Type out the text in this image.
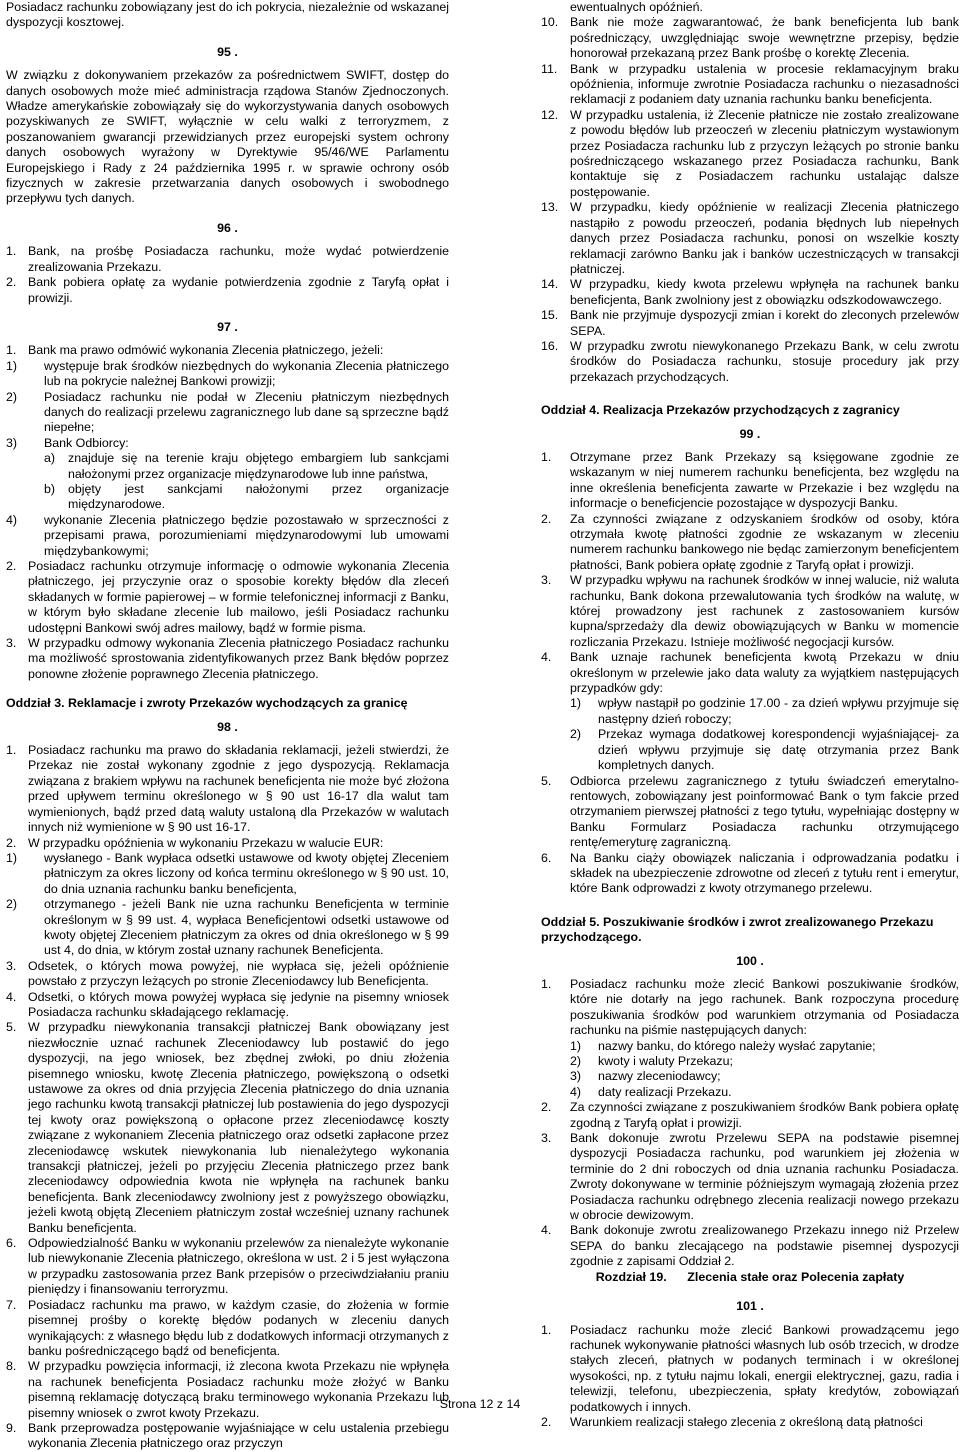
Posiadacz rachunku zobowiązany jest do ich pokrycia, niezależnie od wskazanej dyspozycji kosztowej.

95 .

W związku z dokonywaniem przekazów za pośrednictwem SWIFT, dostęp do danych osobowych może mieć administracja rządowa Stanów Zjednoczonych. Władze amerykańskie zobowiązały się do wykorzystywania danych osobowych pozyskiwanych ze SWIFT, wyłącznie w celu walki z terroryzmem, z poszanowaniem gwarancji przewidzianych przez europejski system ochrony danych osobowych wyrażony w Dyrektywie 95/46/WE Parlamentu Europejskiego i Rady z 24 października 1995 r. w sprawie ochrony osób fizycznych w zakresie przetwarzania danych osobowych i swobodnego przepływu tych danych.

96 .

1. Bank, na prośbę Posiadacza rachunku, może wydać potwierdzenie zrealizowania Przekazu.
2. Bank pobiera opłatę za wydanie potwierdzenia zgodnie z Taryfą opłat i prowizji.

97 .

1. Bank ma prawo odmówić wykonania Zlecenia płatniczego, jeżeli:
1)	występuje brak środków niezbędnych do wykonania Zlecenia płatniczego lub na pokrycie należnej Bankowi prowizji;
2)	Posiadacz rachunku nie podał w Zleceniu płatniczym niezbędnych danych do realizacji przelewu zagranicznego lub dane są sprzeczne bądź niepełne;
3)	Bank Odbiorcy:
a)	znajduje się na terenie kraju objętego embargiem lub sankcjami nałożonymi przez organizacje międzynarodowe lub inne państwa,
b)	objęty jest sankcjami nałożonymi przez organizacje międzynarodowe.
4)	wykonanie Zlecenia płatniczego będzie pozostawało w sprzeczności z przepisami prawa, porozumieniami międzynarodowymi lub umowami międzybankowymi;
2. Posiadacz rachunku otrzymuje informację o odmowie wykonania Zlecenia płatniczego, jej przyczynie oraz o sposobie korekty błędów dla zleceń składanych w formie papierowej – w formie telefonicznej informacji z Banku, w którym było składane zlecenie lub mailowo, jeśli Posiadacz rachunku udostępni Bankowi swój adres mailowy, bądź w formie pisma.
3. W przypadku odmowy wykonania Zlecenia płatniczego Posiadacz rachunku ma możliwość sprostowania zidentyfikowanych przez Bank błędów poprzez ponowne złożenie poprawnego Zlecenia płatniczego.

Oddział 3. Reklamacje i zwroty Przekazów wychodzących za granicę

98 .

1. Posiadacz rachunku ma prawo do składania reklamacji, jeżeli stwierdzi, że Przekaz nie został wykonany zgodnie z jego dyspozycją. Reklamacja związana z brakiem wpływu na rachunek beneficjenta nie może być złożona przed upływem terminu określonego w § 90 ust 16-17 dla walut tam wymienionych, bądź przed datą waluty ustaloną dla Przekazów w walutach innych niż wymienione w § 90 ust 16-17.
2. W przypadku opóźnienia w wykonaniu Przekazu w walucie EUR:
1)	wysłanego - Bank wypłaca odsetki ustawowe od kwoty objętej Zleceniem płatniczym za okres liczony od końca terminu określonego w § 90 ust. 10, do dnia uznania rachunku banku beneficjenta,
2)	otrzymanego - jeżeli Bank nie uzna rachunku Beneficjenta w terminie określonym w § 99 ust. 4, wypłaca Beneficjentowi odsetki ustawowe od kwoty objętej Zleceniem płatniczym za okres od dnia określonego w § 99 ust 4, do dnia, w którym został uznany rachunek Beneficjenta.
3. Odsetek, o których mowa powyżej, nie wypłaca się, jeżeli opóźnienie powstało z przyczyn leżących po stronie Zleceniodawcy lub Beneficjenta.
4. Odsetki, o których mowa powyżej wypłaca się jedynie na pisemny wniosek Posiadacza rachunku składającego reklamację.
5. W przypadku niewykonania transakcji płatniczej Bank obowiązany jest niezwłocznie uznać rachunek Zleceniodawcy lub postawić do jego dyspozycji, na jego wniosek, bez zbędnej zwłoki, po dniu złożenia pisemnego wniosku, kwotę Zlecenia płatniczego, powiększoną o odsetki ustawowe za okres od dnia przyjęcia Zlecenia płatniczego do dnia uznania jego rachunku kwotą transakcji płatniczej lub postawienia do jego dyspozycji tej kwoty oraz powiększoną o opłacone przez zleceniodawcę koszty związane z wykonaniem Zlecenia płatniczego oraz odsetki zapłacone przez zleceniodawcę wskutek niewykonania lub nienależytego wykonania transakcji płatniczej, jeżeli po przyjęciu Zlecenia płatniczego przez bank zleceniodawcy odpowiednia kwota nie wpłynęła na rachunek banku beneficjenta. Bank zleceniodawcy zwolniony jest z powyższego obowiązku, jeżeli kwotą objętą Zleceniem płatniczym został wcześniej uznany rachunek Banku beneficjenta.
6. Odpowiedzialność Banku w wykonaniu przelewów za nienależyte wykonanie lub niewykonanie Zlecenia płatniczego, określona w ust. 2 i 5 jest wyłączona w przypadku zastosowania przez Bank przepisów o przeciwdziałaniu praniu pieniędzy i finansowaniu terroryzmu.
7. Posiadacz rachunku ma prawo, w każdym czasie, do złożenia w formie pisemnej prośby o korektę błędów podanych w zleceniu danych wynikających: z własnego błędu lub z dodatkowych informacji otrzymanych z banku pośredniczącego bądź od beneficjenta.
8. W przypadku powzięcia informacji, iż zlecona kwota Przekazu nie wpłynęła na rachunek beneficjenta Posiadacz rachunku może złożyć w Banku pisemną reklamację dotyczącą braku terminowego wykonania Przekazu lub pisemny wniosek o zwrot kwoty Przekazu.
9. Bank przeprowadza postępowanie wyjaśniające w celu ustalenia przebiegu wykonania Zlecenia płatniczego oraz przyczyn

ewentualnych opóźnień.

10. Bank nie może zagwarantować, że bank beneficjenta lub bank pośredniczący, uwzględniając swoje wewnętrzne przepisy, będzie honorował przekazaną przez Bank prośbę o korektę Zlecenia.
11.	Bank w przypadku ustalenia w procesie reklamacyjnym braku opóźnienia, informuje zwrotnie Posiadacza rachunku o niezasadności reklamacji z podaniem daty uznania rachunku banku beneficjenta.
12. W przypadku ustalenia, iż Zlecenie płatnicze nie zostało zrealizowane z powodu błędów lub przeoczeń w zleceniu płatniczym wystawionym przez Posiadacza rachunku lub z przyczyn leżących po stronie banku pośredniczącego wskazanego przez Posiadacza rachunku, Bank kontaktuje się z Posiadaczem rachunku ustalając dalsze postępowanie.
13. W przypadku, kiedy opóźnienie w realizacji Zlecenia płatniczego nastąpiło z powodu przeoczeń, podania błędnych lub niepełnych danych przez Posiadacza rachunku, ponosi on wszelkie koszty reklamacji zarówno Banku jak i banków uczestniczących w transakcji płatniczej.
14. W przypadku, kiedy kwota przelewu wpłynęła na rachunek banku beneficjenta, Bank zwolniony jest z obowiązku odszkodowawczego.
15. Bank nie przyjmuje dyspozycji zmian i korekt do zleconych przelewów SEPA.
16. W przypadku zwrotu niewykonanego Przekazu Bank, w celu zwrotu środków do Posiadacza rachunku, stosuje procedury jak przy przekazach przychodzących.

Oddział 4. Realizacja Przekazów przychodzących z zagranicy

99 .

1.	Otrzymane przez Bank Przekazy są księgowane zgodnie ze wskazanym w niej numerem rachunku beneficjenta, bez względu na inne określenia beneficjenta zawarte w Przekazie i bez względu na informacje o beneficjencie pozostające w dyspozycji Banku.
2.	Za czynności związane z odzyskaniem środków od osoby, która otrzymała kwotę płatności zgodnie ze wskazanym w zleceniu numerem rachunku bankowego nie będąc zamierzonym beneficjentem płatności, Bank pobiera opłatę zgodnie z Taryfą opłat i prowizji.
3.	W przypadku wpływu na rachunek środków w innej walucie, niż waluta rachunku, Bank dokona przewalutowania tych środków na walutę, w której prowadzony jest rachunek z zastosowaniem kursów kupna/sprzedaży dla dewiz obowiązujących w Banku w momencie rozliczania Przekazu. Istnieje możliwość negocjacji kursów.
4.	Bank uznaje rachunek beneficjenta kwotą Przekazu w dniu określonym w przelewie jako data waluty za wyjątkiem następujących przypadków gdy:
1)	wpływ nastąpił po godzinie 17.00 - za dzień wpływu przyjmuje się następny dzień roboczy;
2)	Przekaz wymaga dodatkowej korespondencji wyjaśniającej- za dzień wpływu przyjmuje się datę otrzymania przez Bank kompletnych danych.
5.	Odbiorca przelewu zagranicznego z tytułu świadczeń emerytalno-rentowych, zobowiązany jest poinformować Bank o tym fakcie przed otrzymaniem pierwszej płatności z tego tytułu, wypełniając dostępny w Banku Formularz Posiadacza rachunku otrzymującego rentę/emeryturę zagraniczną.
6.	Na Banku ciąży obowiązek naliczania i odprowadzania podatku i składek na ubezpieczenie zdrowotne od zleceń z tytułu rent i emerytur, które Bank odprowadzi z kwoty otrzymanego przelewu.

Oddział 5. Poszukiwanie środków i zwrot zrealizowanego Przekazu przychodzącego.

100 .

1.	Posiadacz rachunku może zlecić Bankowi poszukiwanie środków, które nie dotarły na jego rachunek. Bank rozpoczyna procedurę poszukiwania środków pod warunkiem otrzymania od Posiadacza rachunku na piśmie następujących danych:
1)	nazwy banku, do którego należy wysłać zapytanie;
2)	kwoty i waluty Przekazu;
3)	nazwy zleceniodawcy;
4)	daty realizacji Przekazu.
2.	Za czynności związane z poszukiwaniem środków Bank pobiera opłatę zgodną z Taryfą opłat i prowizji.
3.	Bank dokonuje zwrotu Przelewu SEPA na podstawie pisemnej dyspozycji Posiadacza rachunku, pod warunkiem jej złożenia w terminie do 2 dni roboczych od dnia uznania rachunku Posiadacza. Zwroty dokonywane w terminie późniejszym wymagają złożenia przez Posiadacza rachunku odrębnego zlecenia realizacji nowego przekazu w obrocie dewizowym.
4.	Bank dokonuje zwrotu zrealizowanego Przekazu innego niż Przelew SEPA do banku zlecającego na podstawie pisemnej dyspozycji zgodnie z zapisami Oddział 2.

Rozdział 19.      Zlecenia stałe oraz Polecenia zapłaty

101 .

1.	Posiadacz rachunku może zlecić Bankowi prowadzącemu jego rachunek wykonywanie płatności własnych lub osób trzecich, w drodze stałych zleceń, płatnych w podanych terminach i w określonej wysokości, np. z tytułu najmu lokali, energii elektrycznej, gazu, radia i telewizji, telefonu, ubezpieczenia, spłaty kredytów, zobowiązań podatkowych i innych.
2.	Warunkiem realizacji stałego zlecenia z określoną datą płatności
Strona 12 z 14
